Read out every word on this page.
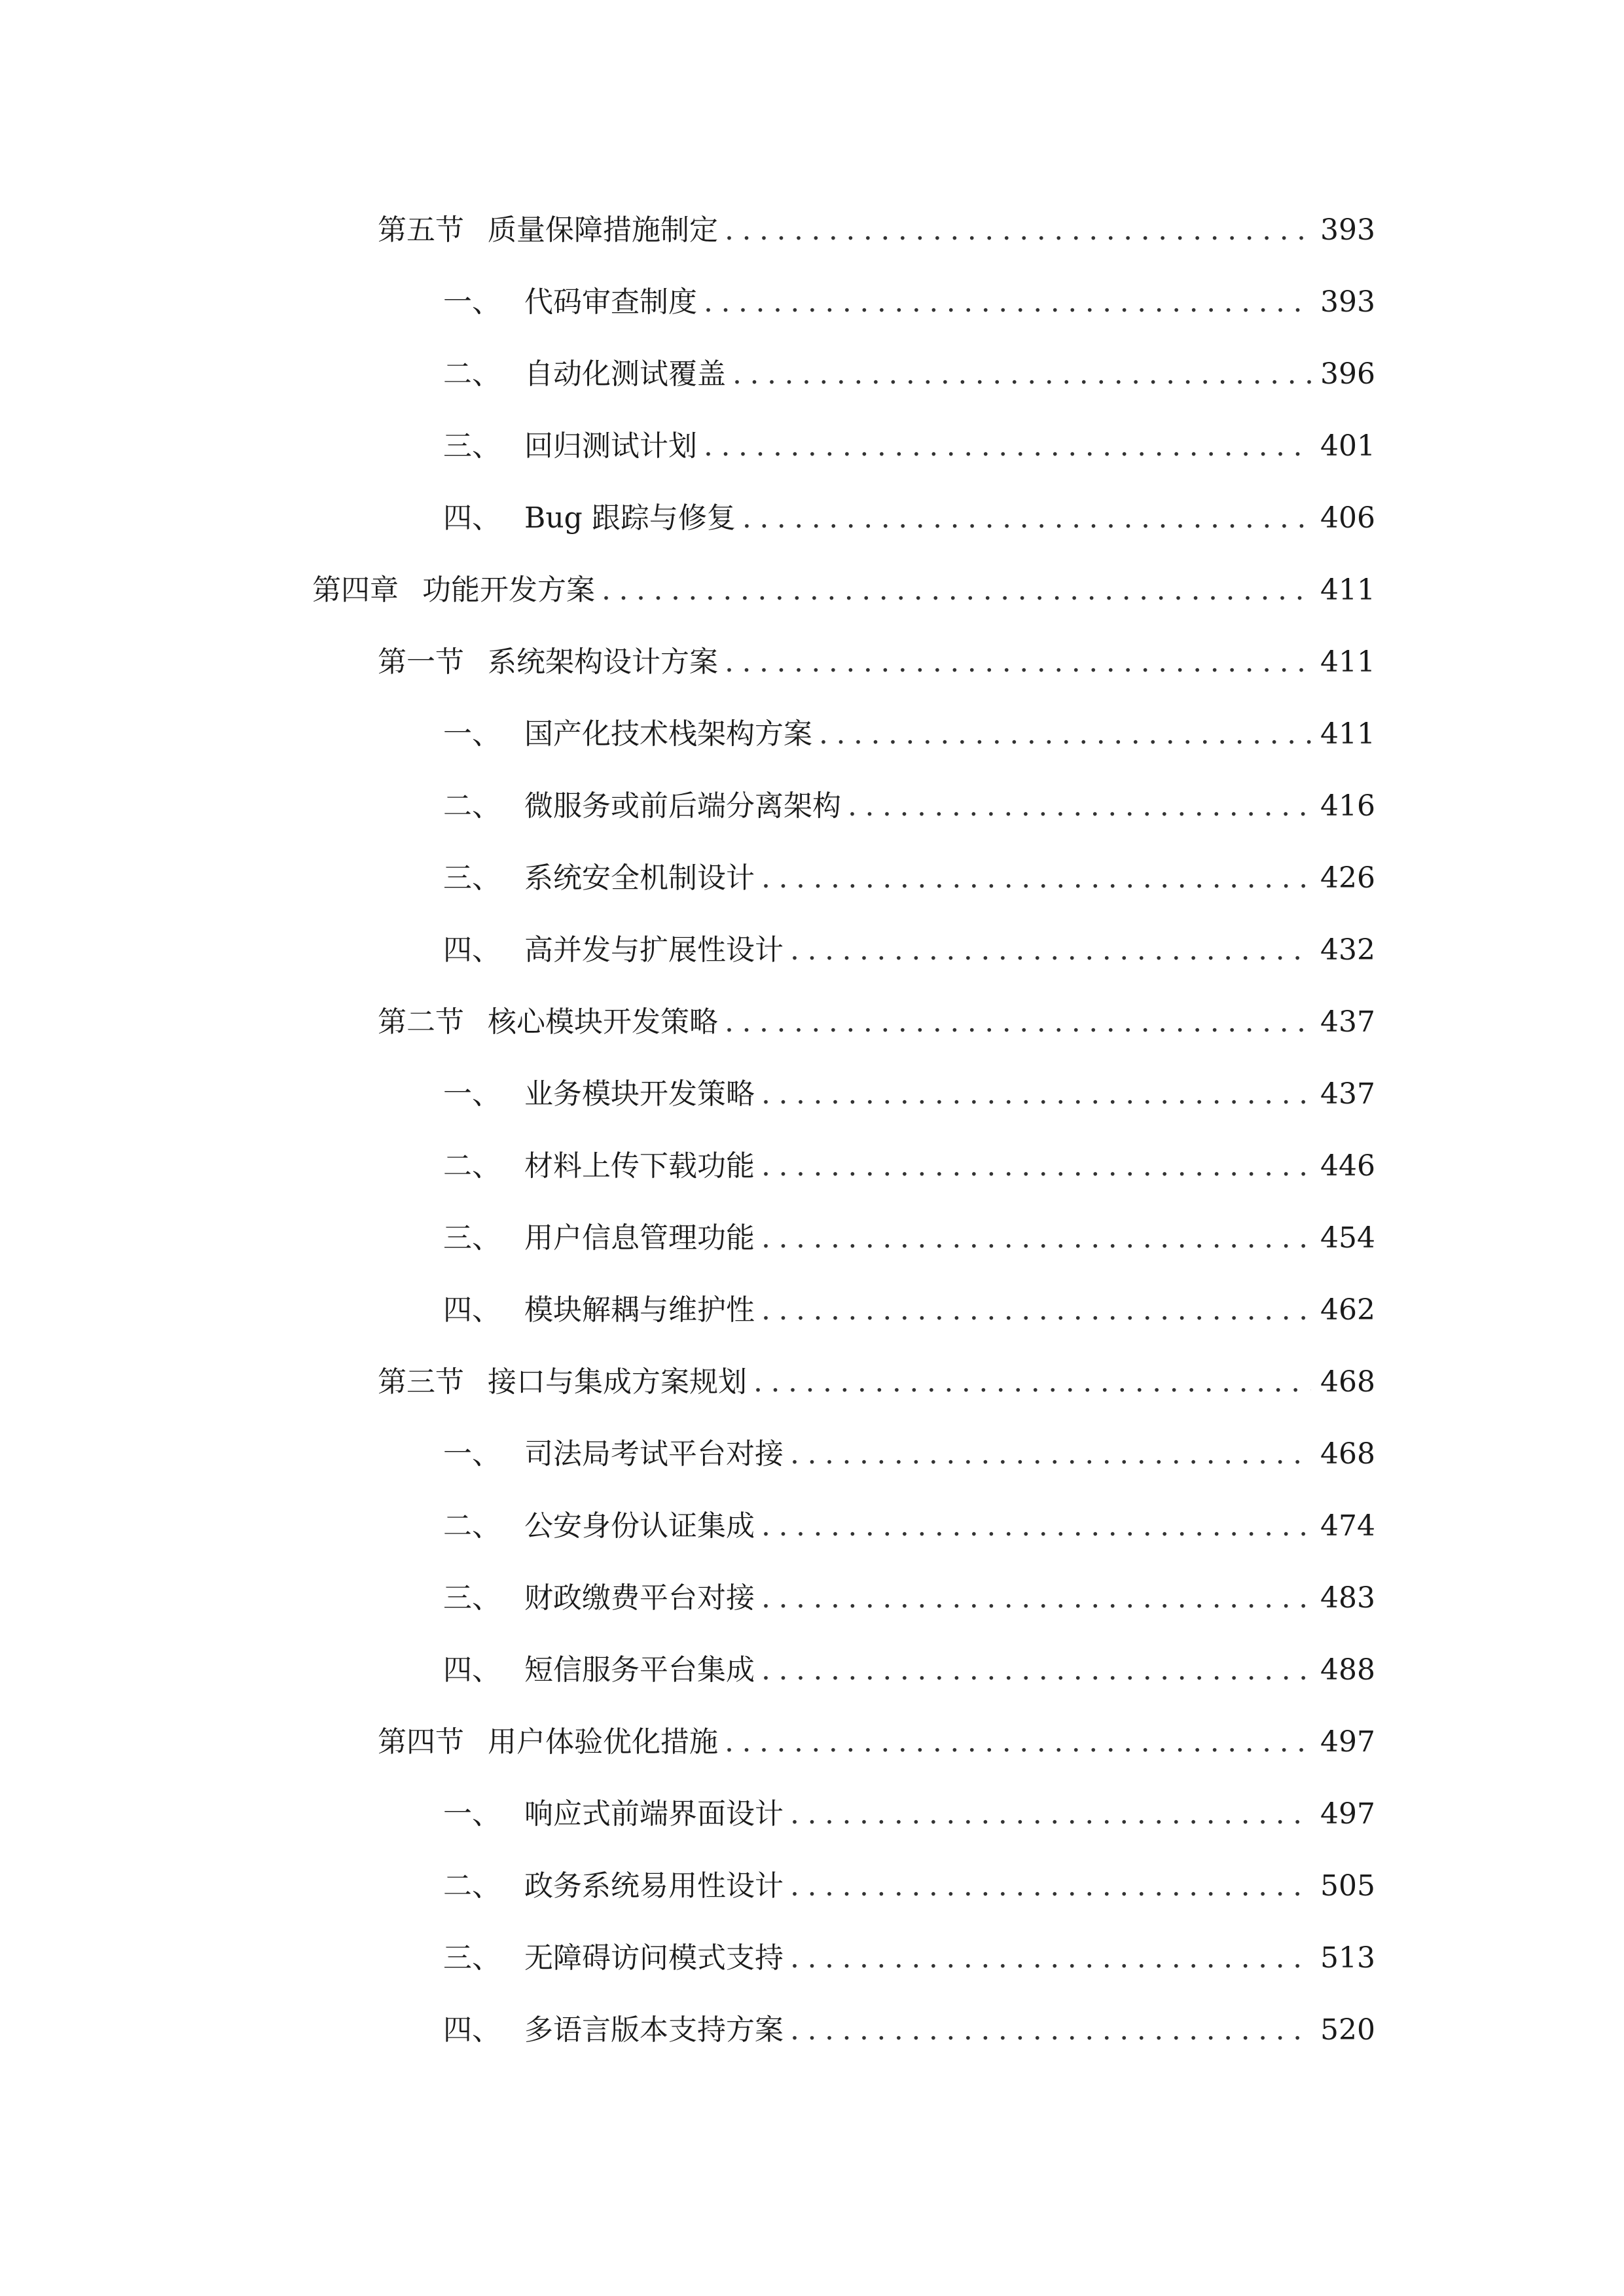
第五节 质量保障措施制定 .....	393
一、 代码审查制度 .....	393
二、 自动化测试覆盖 .....	396
三、 回归测试计划 .....	401
四、 Bug 跟踪与修复 .....	406
第四章 功能开发方案 .....	411
第一节 系统架构设计方案 .....	411
一、 国产化技术栈架构方案 .....	411
二、 微服务或前后端分离架构 .....	416
三、 系统安全机制设计 .....	426
四、 高并发与扩展性设计 .....	432
第二节 核心模块开发策略 .....	437
一、 业务模块开发策略 .....	437
二、 材料上传下载功能 .....	446
三、 用户信息管理功能 .....	454
四、 模块解耦与维护性 .....	462
第三节 接口与集成方案规划 .....	468
一、 司法局考试平台对接 .....	468
二、 公安身份认证集成 .....	474
三、 财政缴费平台对接 .....	483
四、 短信服务平台集成 .....	488
第四节 用户体验优化措施 .....	497
一、 响应式前端界面设计 .....	497
二、 政务系统易用性设计 .....	505
三、 无障碍访问模式支持 .....	513
四、 多语言版本支持方案 .....	520
